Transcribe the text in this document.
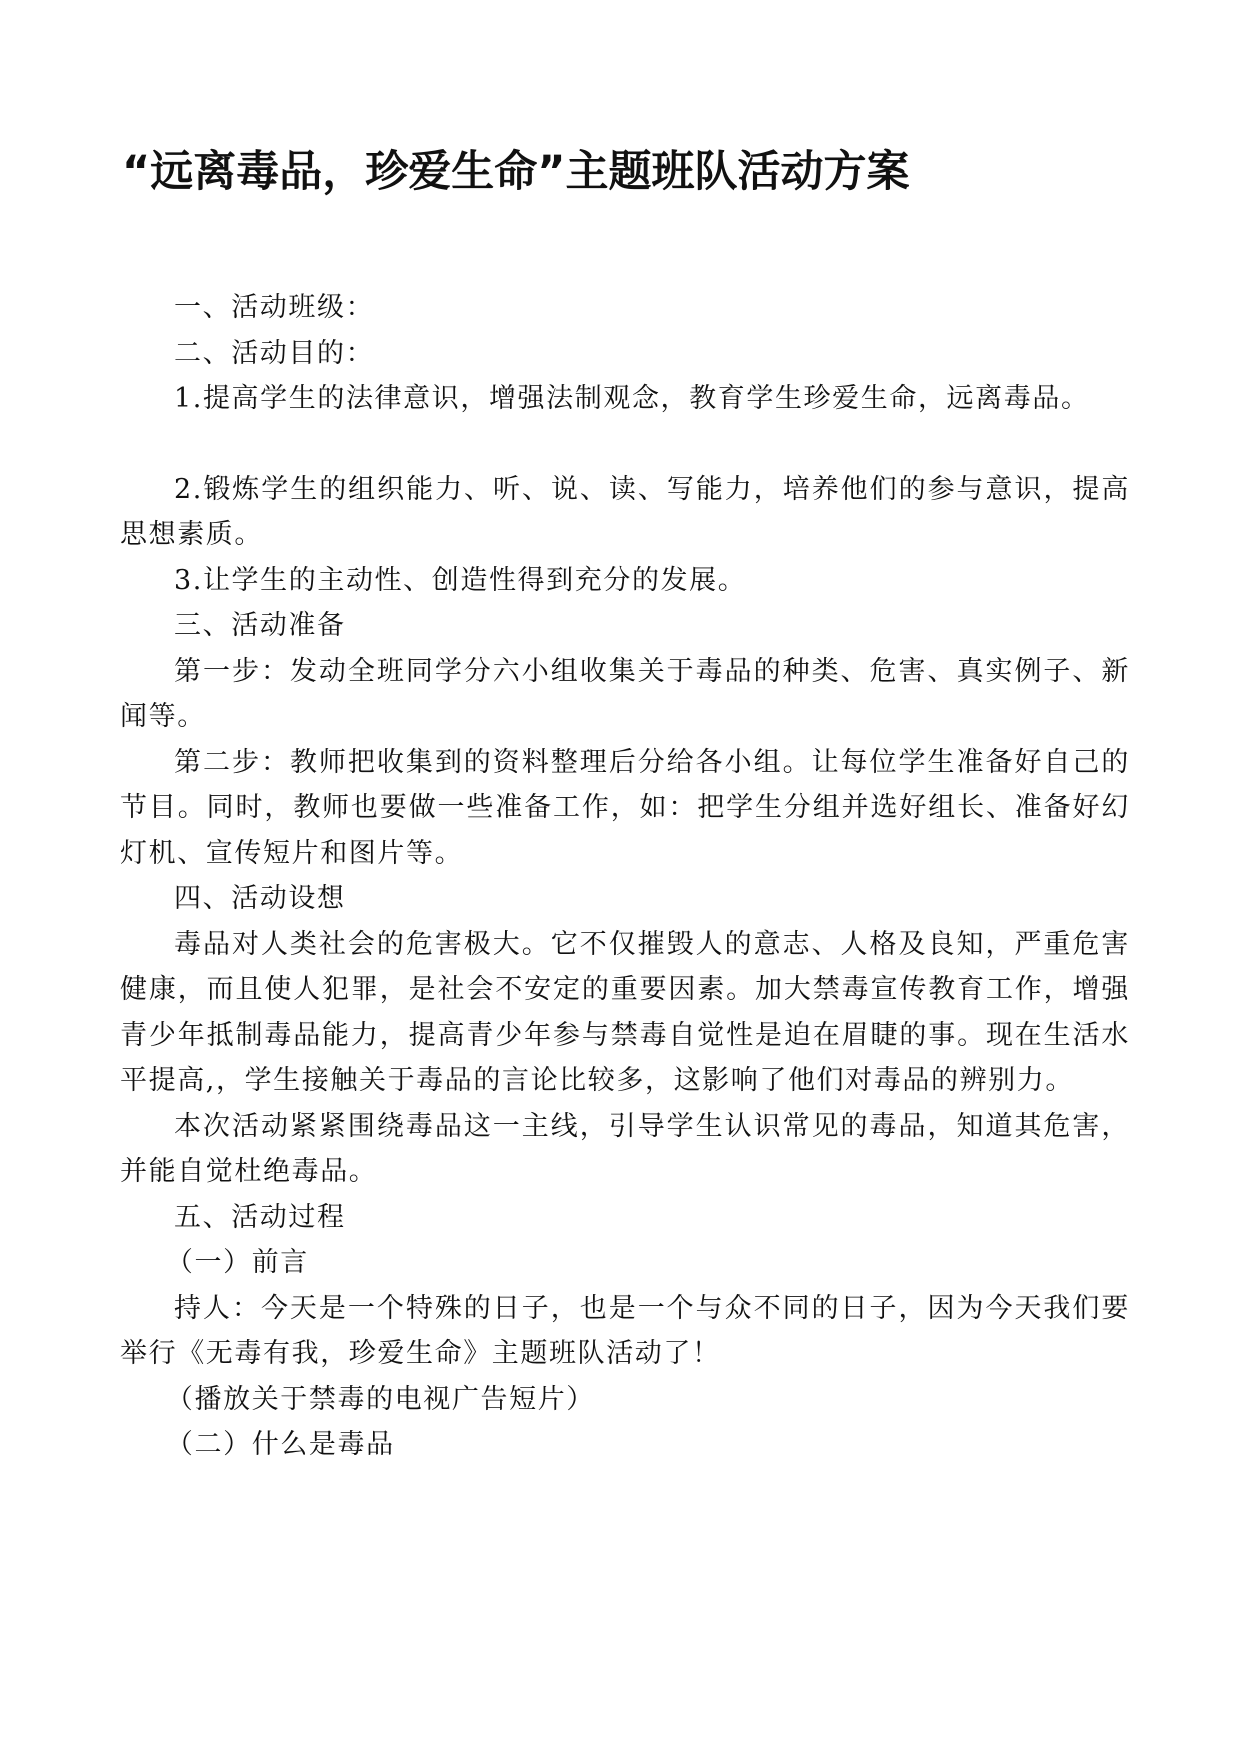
“远离毒品，珍爱生命”主题班队活动方案

一、活动班级：

二、活动目的：

1.提高学生的法律意识，增强法制观念，教育学生珍爱生命，远离毒品。

2.锻炼学生的组织能力、听、说、读、写能力，培养他们的参与意识，提高思想素质。

3.让学生的主动性、创造性得到充分的发展。

三、活动准备

第一步：发动全班同学分六小组收集关于毒品的种类、危害、真实例子、新闻等。

第二步：教师把收集到的资料整理后分给各小组。让每位学生准备好自己的节目。同时，教师也要做一些准备工作，如：把学生分组并选好组长、准备好幻灯机、宣传短片和图片等。

四、活动设想

毒品对人类社会的危害极大。它不仅摧毁人的意志、人格及良知，严重危害健康，而且使人犯罪，是社会不安定的重要因素。加大禁毒宣传教育工作，增强青少年抵制毒品能力，提高青少年参与禁毒自觉性是迫在眉睫的事。现在生活水平提高,，学生接触关于毒品的言论比较多，这影响了他们对毒品的辨别力。

本次活动紧紧围绕毒品这一主线，引导学生认识常见的毒品，知道其危害，并能自觉杜绝毒品。

五、活动过程

（一）前言

持人：今天是一个特殊的日子，也是一个与众不同的日子，因为今天我们要举行《无毒有我，珍爱生命》主题班队活动了！

（播放关于禁毒的电视广告短片）

（二）什么是毒品
